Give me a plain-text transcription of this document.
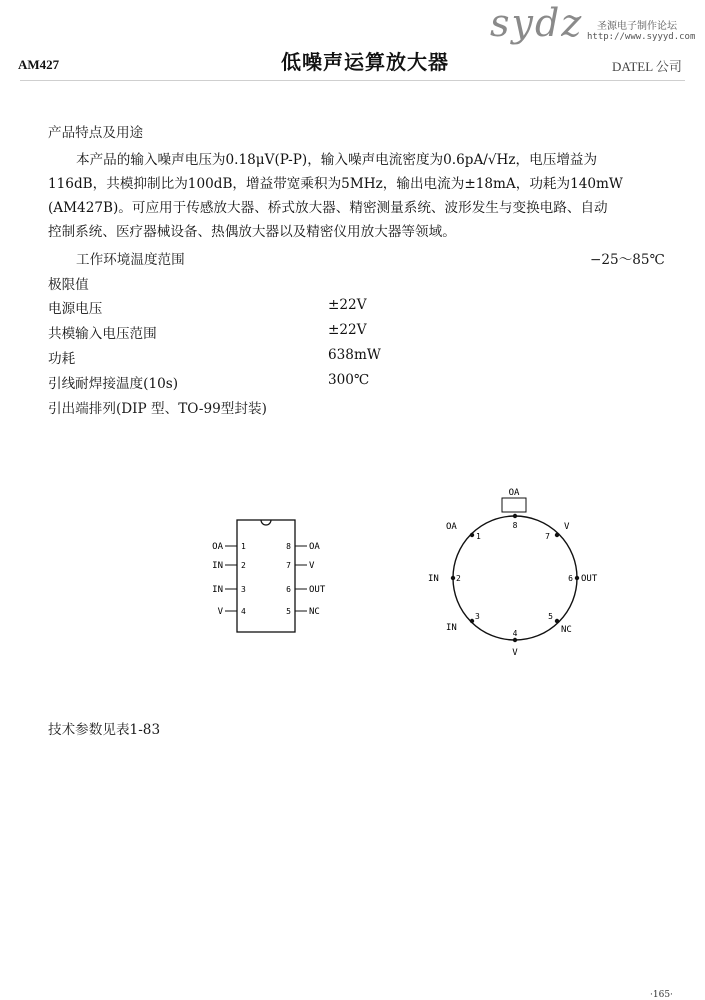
AM427	低噪声运算放大器	DATEL 公司
sydz 圣源电子制作论坛
http://www.syyyd.com
产品特点及用途

本产品的输入噪声电压为0.18μV(P-P)，输入噪声电流密度为0.6pA/√Hz，电压增益为

116dB，共模抑制比为100dB，增益带宽乘积为5MHz，输出电流为±18mA，功耗为140mW

(AM427B)。可应用于传感放大器、桥式放大器、精密测量系统、波形发生与变换电路、自动

控制系统、医疗器械设备、热偶放大器以及精密仪用放大器等领域。

工作环境温度范围	−25～85℃
极限值
电源电压	±22V
共模输入电压范围	±22V
功耗	638mW
引线耐焊接温度(10s)	300℃
引出端排列(DIP 型、TO-99型封装)
OA
IN
IN
V
1
2
3
4
8
7
6
5
OA
V
OUT
NC
OA
8
1	7
2	6
3	5
4
OA	V
IN	OUT
IN	NC
V
技术参数见表1-83
·165·
